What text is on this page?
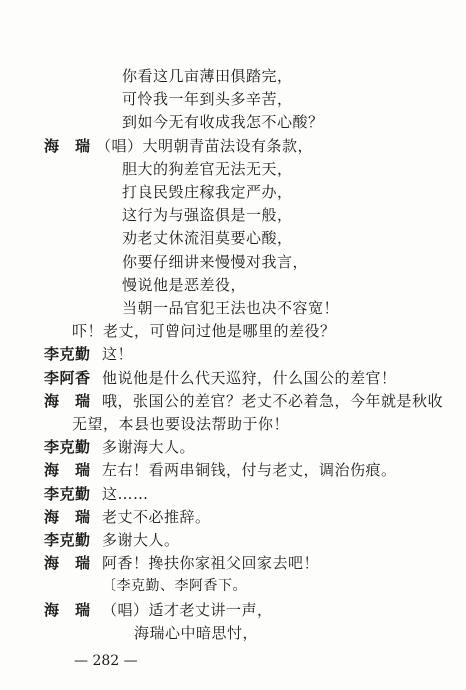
你看这几亩薄田俱踏完，
可怜我一年到头多辛苦，
到如今无有收成我怎不心酸？
海　瑞 （唱）大明朝青苗法设有条款，
胆大的狗差官无法无天，
打良民毁庄稼我定严办，
这行为与强盗俱是一般，
劝老丈休流泪莫要心酸，
你要仔细讲来慢慢对我言，
慢说他是恶差役，
当朝一品官犯王法也决不容宽！
吓！老丈，可曾问过他是哪里的差役？
李克勤 这！
李阿香 他说他是什么代天巡狩，什么国公的差官！
海　瑞 哦，张国公的差官？老丈不必着急，今年就是秋收
无望，本县也要设法帮助于你！
李克勤 多谢海大人。
海　瑞 左右！看两串铜钱，付与老丈，调治伤痕。
李克勤 这……
海　瑞 老丈不必推辞。
李克勤 多谢大人。
海　瑞 阿香！搀扶你家祖父回家去吧！
〔李克勤、李阿香下。
海　瑞 （唱）适才老丈讲一声，
海瑞心中暗思忖，
— 282 —
